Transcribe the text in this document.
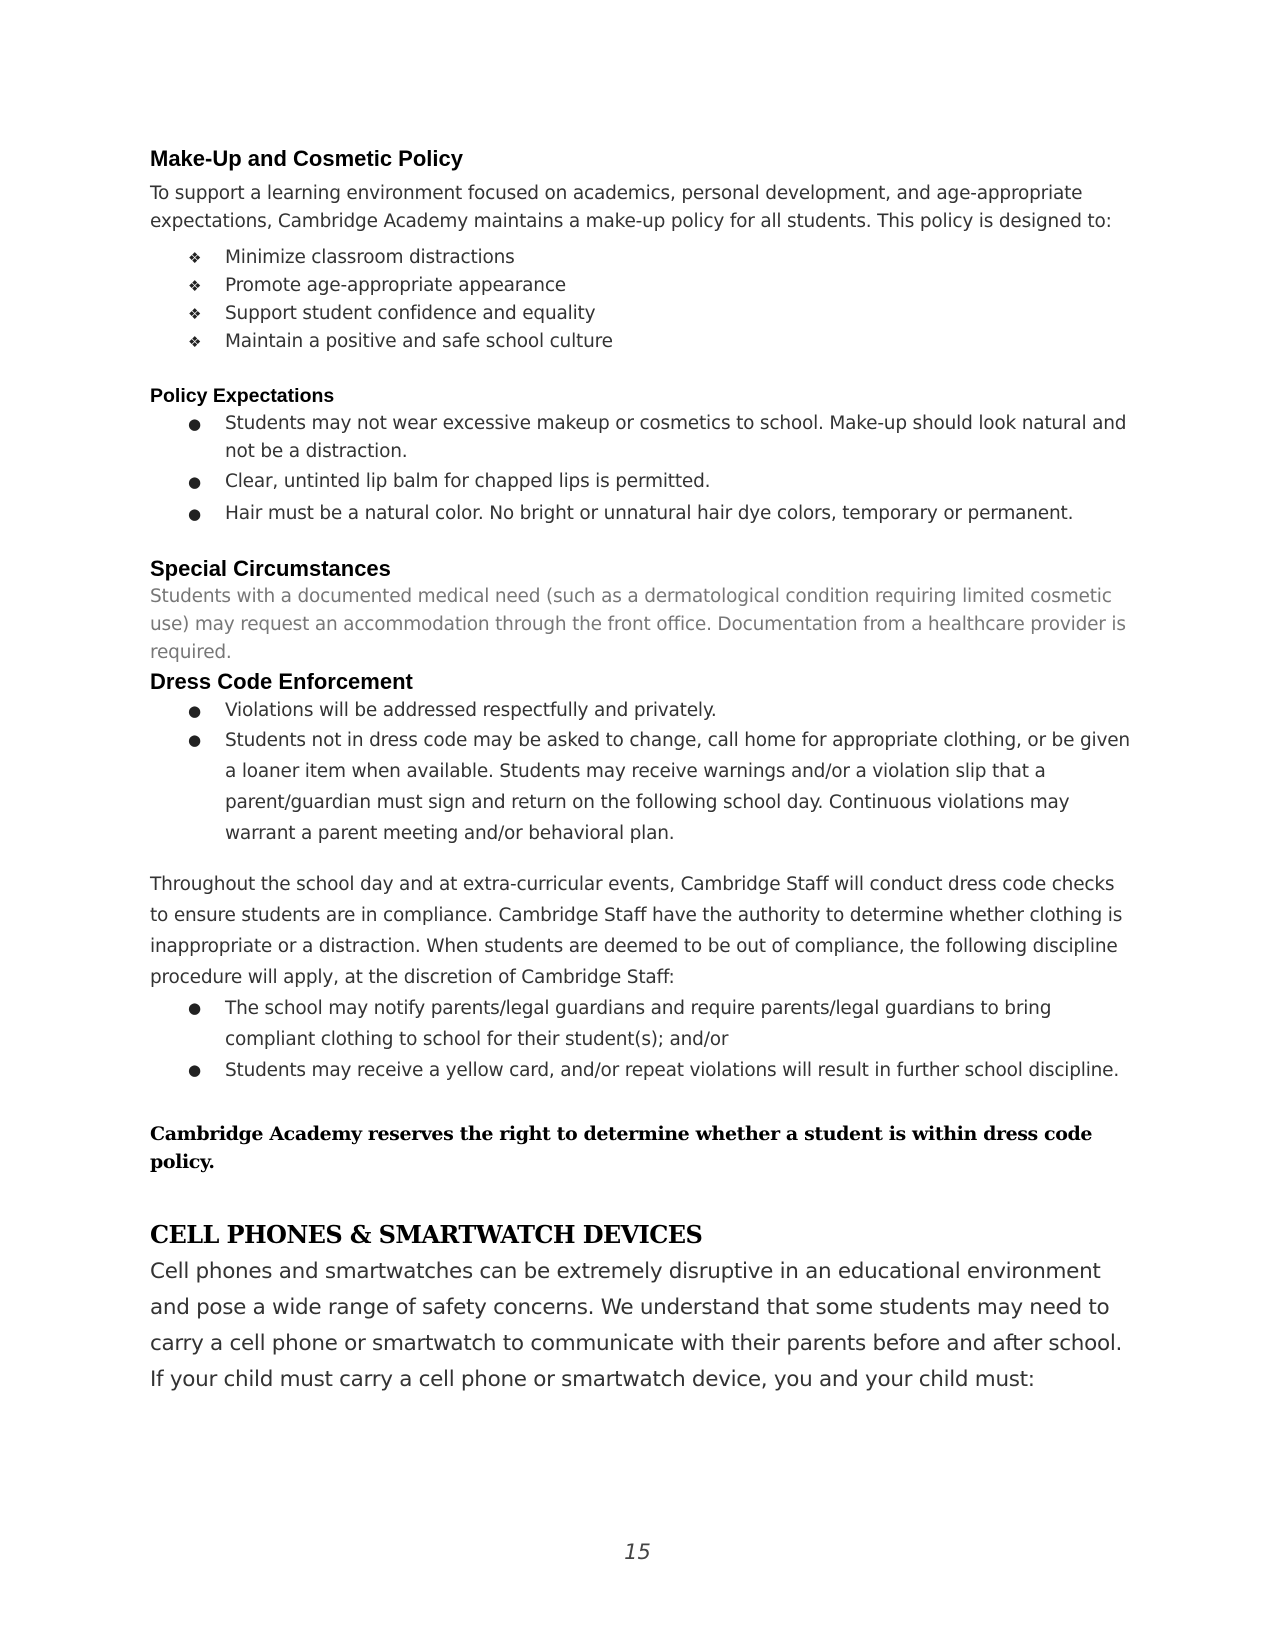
Make-Up and Cosmetic Policy

To support a learning environment focused on academics, personal development, and age-appropriate expectations, Cambridge Academy maintains a make-up policy for all students. This policy is designed to:

❖ Minimize classroom distractions
❖ Promote age-appropriate appearance
❖ Support student confidence and equality
❖ Maintain a positive and safe school culture
Policy Expectations
● Students may not wear excessive makeup or cosmetics to school. Make-up should look natural and not be a distraction.
● Clear, untinted lip balm for chapped lips is permitted.
● Hair must be a natural color. No bright or unnatural hair dye colors, temporary or permanent.
Special Circumstances

Students with a documented medical need (such as a dermatological condition requiring limited cosmetic use) may request an accommodation through the front office. Documentation from a healthcare provider is required.

Dress Code Enforcement
● Violations will be addressed respectfully and privately.
● Students not in dress code may be asked to change, call home for appropriate clothing, or be given a loaner item when available. Students may receive warnings and/or a violation slip that a parent/guardian must sign and return on the following school day. Continuous violations may warrant a parent meeting and/or behavioral plan.

Throughout the school day and at extra-curricular events, Cambridge Staff will conduct dress code checks to ensure students are in compliance. Cambridge Staff have the authority to determine whether clothing is inappropriate or a distraction. When students are deemed to be out of compliance, the following discipline procedure will apply, at the discretion of Cambridge Staff:

● The school may notify parents/legal guardians and require parents/legal guardians to bring compliant clothing to school for their student(s); and/or
● Students may receive a yellow card, and/or repeat violations will result in further school discipline.

Cambridge Academy reserves the right to determine whether a student is within dress code policy.

CELL PHONES & SMARTWATCH DEVICES

Cell phones and smartwatches can be extremely disruptive in an educational environment and pose a wide range of safety concerns. We understand that some students may need to carry a cell phone or smartwatch to communicate with their parents before and after school. If your child must carry a cell phone or smartwatch device, you and your child must:

15
